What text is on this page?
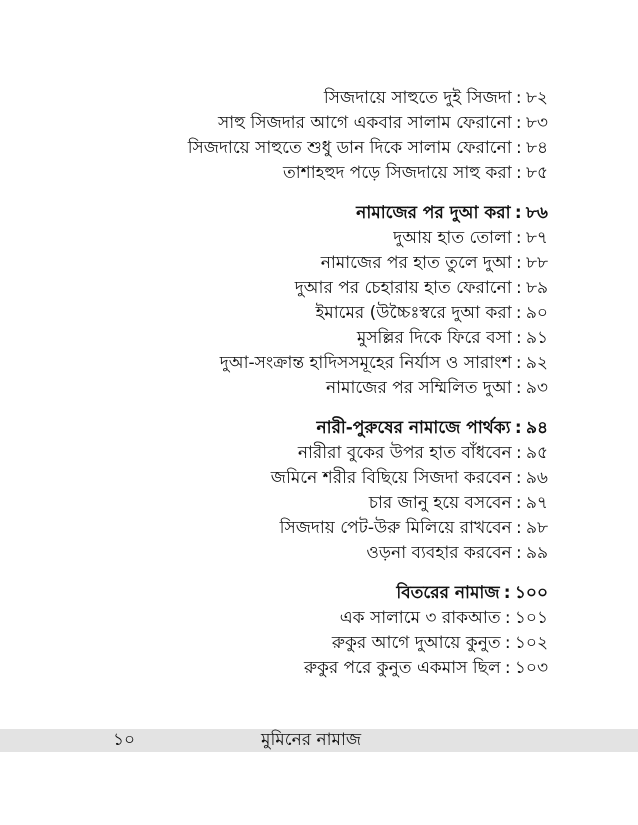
সিজদায়ে সাহুতে দুই সিজদা : ৮২
সাহু সিজদার আগে একবার সালাম ফেরানো : ৮৩
সিজদায়ে সাহুতে শুধু ডান দিকে সালাম ফেরানো : ৮৪
তাশাহহুদ পড়ে সিজদায়ে সাহু করা : ৮৫
নামাজের পর দুআ করা : ৮৬
দুআয় হাত তোলা : ৮৭
নামাজের পর হাত তুলে দুআ : ৮৮
দুআর পর চেহারায় হাত ফেরানো : ৮৯
ইমামের (উচ্চৈঃস্বরে দুআ করা : ৯০
মুসল্লির দিকে ফিরে বসা : ৯১
দুআ-সংক্রান্ত হাদিসসমূহের নির্যাস ও সারাংশ : ৯২
নামাজের পর সম্মিলিত দুআ : ৯৩
নারী-পুরুষের নামাজে পার্থক্য : ৯৪
নারীরা বুকের উপর হাত বাঁধবেন : ৯৫
জমিনে শরীর বিছিয়ে সিজদা করবেন : ৯৬
চার জানু হয়ে বসবেন : ৯৭
সিজদায় পেট-উরু মিলিয়ে রাখবেন : ৯৮
ওড়না ব্যবহার করবেন : ৯৯
বিতরের নামাজ : ১০০
এক সালামে ৩ রাকআত : ১০১
রুকুর আগে দুআয়ে কুনুত : ১০২
রুকুর পরে কুনুত একমাস ছিল : ১০৩
১০	মুমিনের নামাজ
